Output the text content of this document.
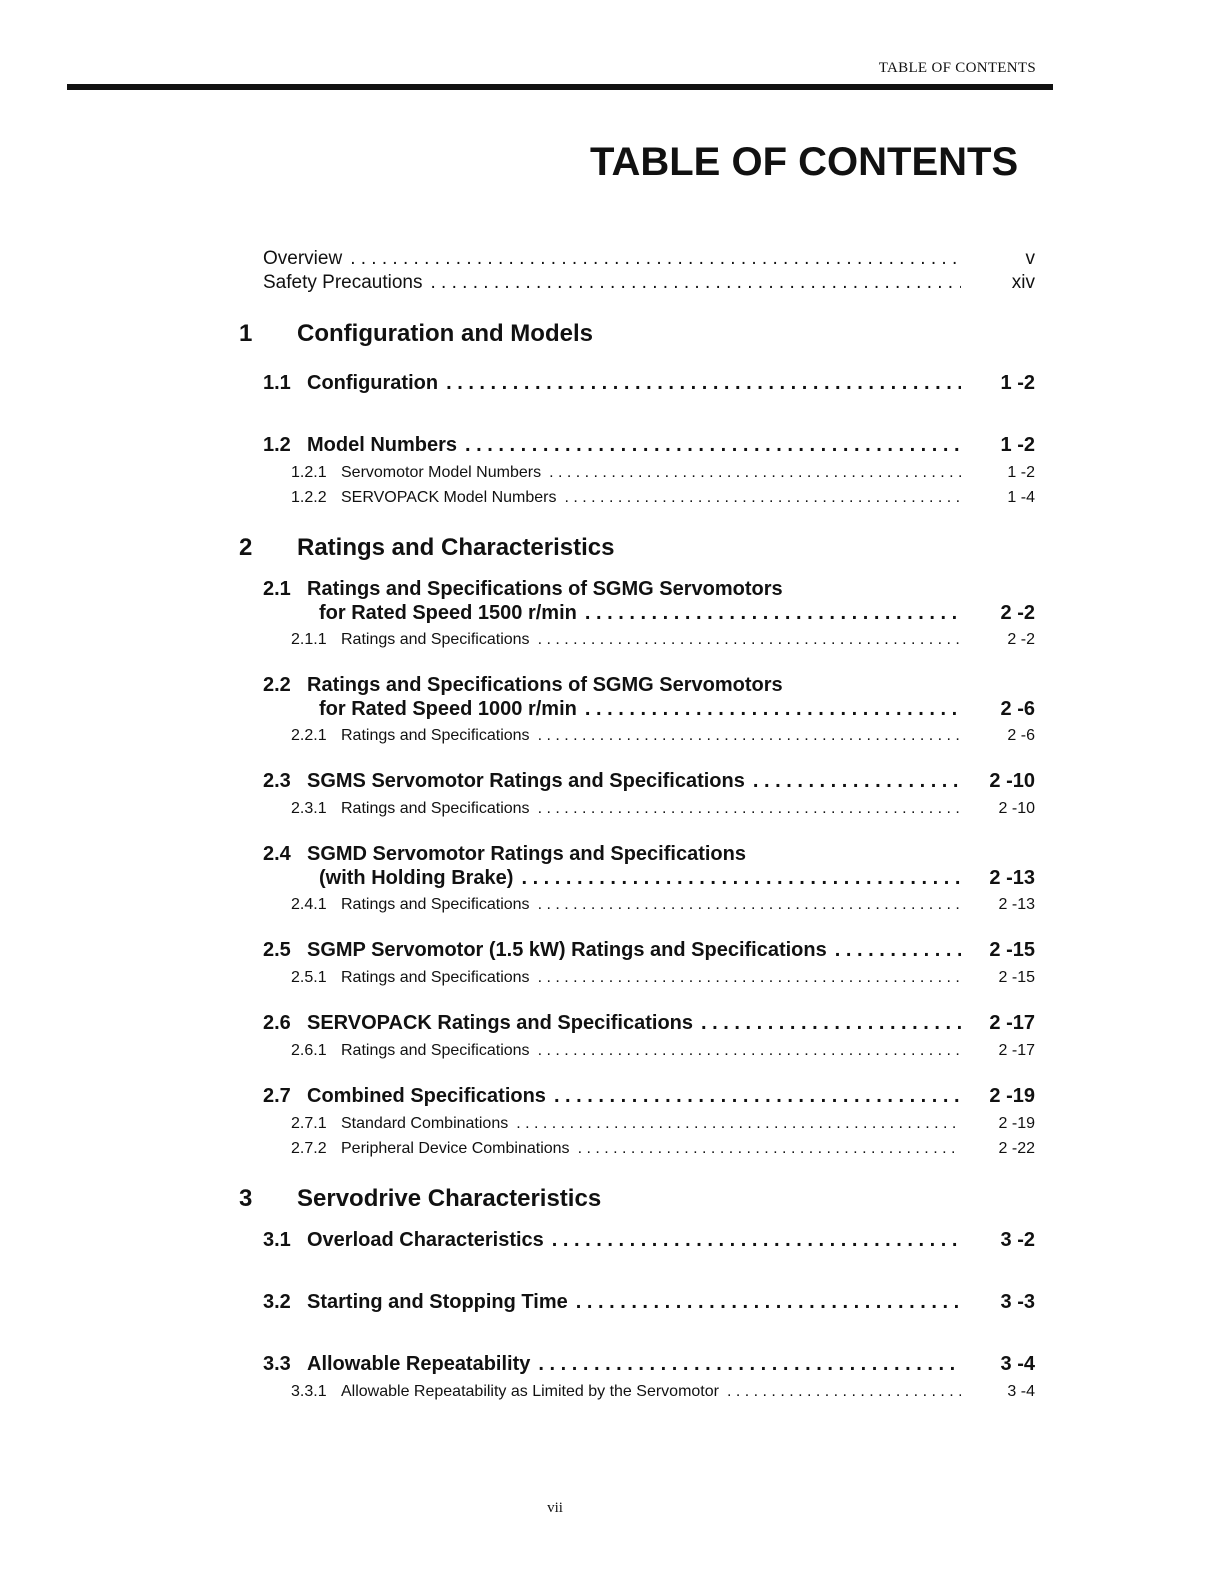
TABLE OF CONTENTS
TABLE OF CONTENTS
Overview . . .	v
Safety Precautions . . .	xiv
1	Configuration and Models
1.1 Configuration . . .	1 -2
1.2 Model Numbers . . .	1 -2
1.2.1 Servomotor Model Numbers . . .	1 -2
1.2.2 SERVOPACK Model Numbers . . .	1 -4
2	Ratings and Characteristics
2.1 Ratings and Specifications of SGMG Servomotors
for Rated Speed 1500 r/min . . .	2 -2
2.1.1 Ratings and Specifications . . .	2 -2
2.2 Ratings and Specifications of SGMG Servomotors
for Rated Speed 1000 r/min . . .	2 -6
2.2.1 Ratings and Specifications . . .	2 -6
2.3 SGMS Servomotor Ratings and Specifications . . .	2 -10
2.3.1 Ratings and Specifications . . .	2 -10
2.4 SGMD Servomotor Ratings and Specifications
(with Holding Brake) . . .	2 -13
2.4.1 Ratings and Specifications . . .	2 -13
2.5 SGMP Servomotor (1.5 kW) Ratings and Specifications . . .	2 -15
2.5.1 Ratings and Specifications . . .	2 -15
2.6 SERVOPACK Ratings and Specifications . . .	2 -17
2.6.1 Ratings and Specifications . . .	2 -17
2.7 Combined Specifications . . .	2 -19
2.7.1 Standard Combinations . . .	2 -19
2.7.2 Peripheral Device Combinations . . .	2 -22
3	Servodrive Characteristics
3.1 Overload Characteristics . . .	3 -2
3.2 Starting and Stopping Time . . .	3 -3
3.3 Allowable Repeatability . . .	3 -4
3.3.1 Allowable Repeatability as Limited by the Servomotor . . .	3 -4
vii
